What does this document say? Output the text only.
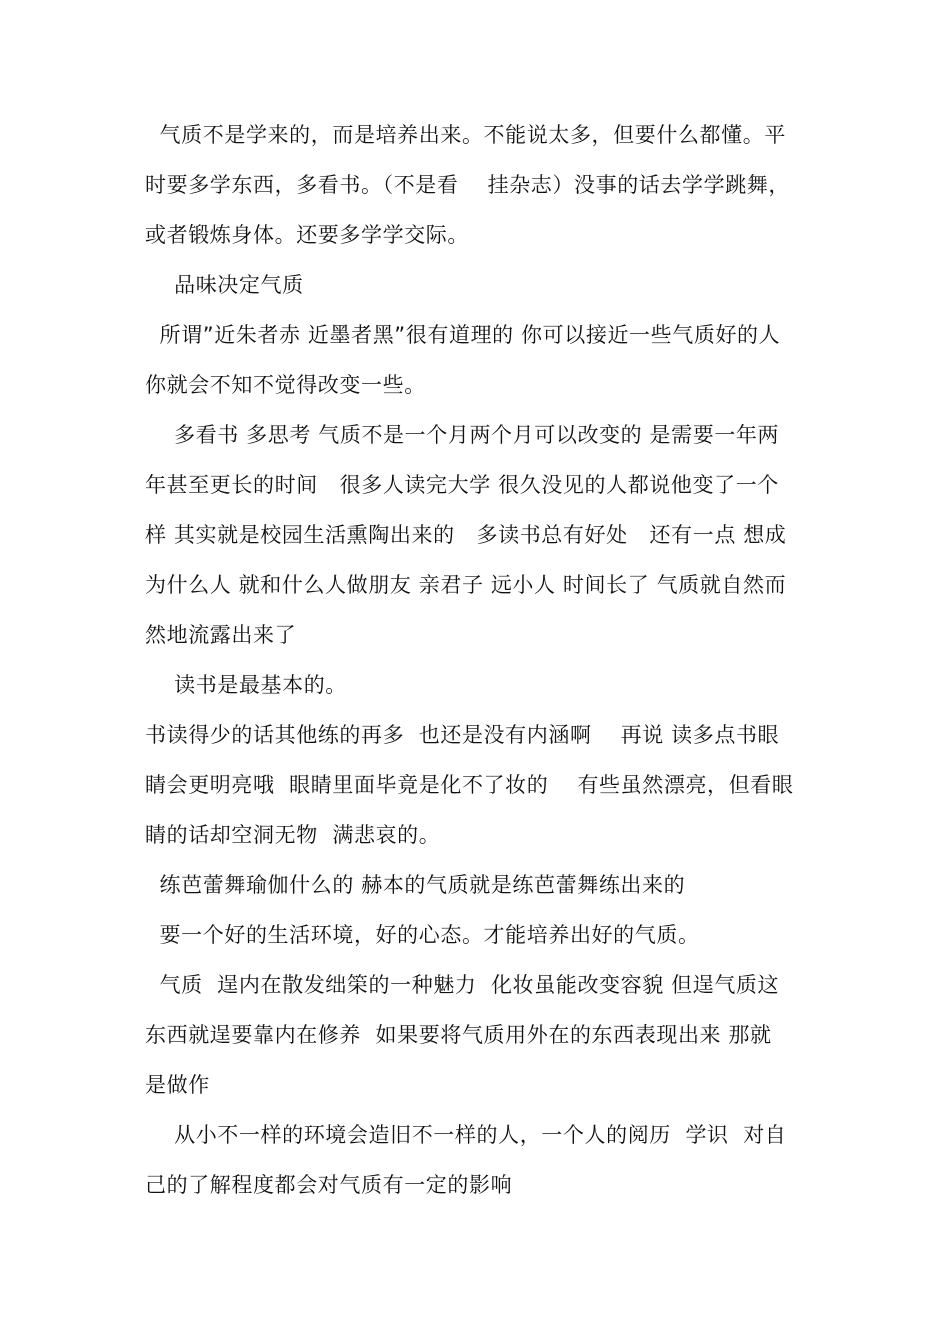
气质不是学来的，而是培养出来。不能说太多，但要什么都懂。平
时要多学东西，多看书。（不是看    挂杂志）没事的话去学学跳舞，
或者锻炼身体。还要多学学交际。
品味决定气质
所谓”近朱者赤 近墨者黑”很有道理的 你可以接近一些气质好的人
你就会不知不觉得改变一些。
多看书 多思考 气质不是一个月两个月可以改变的 是需要一年两
年甚至更长的时间   很多人读完大学 很久没见的人都说他变了一个
样 其实就是校园生活熏陶出来的   多读书总有好处   还有一点 想成
为什么人 就和什么人做朋友 亲君子 远小人 时间长了 气质就自然而
然地流露出来了
读书是最基本的。
书读得少的话其他练的再多  也还是没有内涵啊    再说 读多点书眼
睛会更明亮哦  眼睛里面毕竟是化不了妆的    有些虽然漂亮，但看眼
睛的话却空洞无物  满悲哀的。
练芭蕾舞瑜伽什么的 赫本的气质就是练芭蕾舞练出来的
要一个好的生活环境，好的心态。才能培养出好的气质。
气质  逞内在散发绌筞的一种魅力  化妆虽能改变容貌 但逞气质这
东西就逞要靠内在修养  如果要将气质用外在的东西表现出来 那就
是做作
从小不一样的环境会造旧不一样的人，一个人的阅历  学识  对自
己的了解程度都会对气质有一定的影响
